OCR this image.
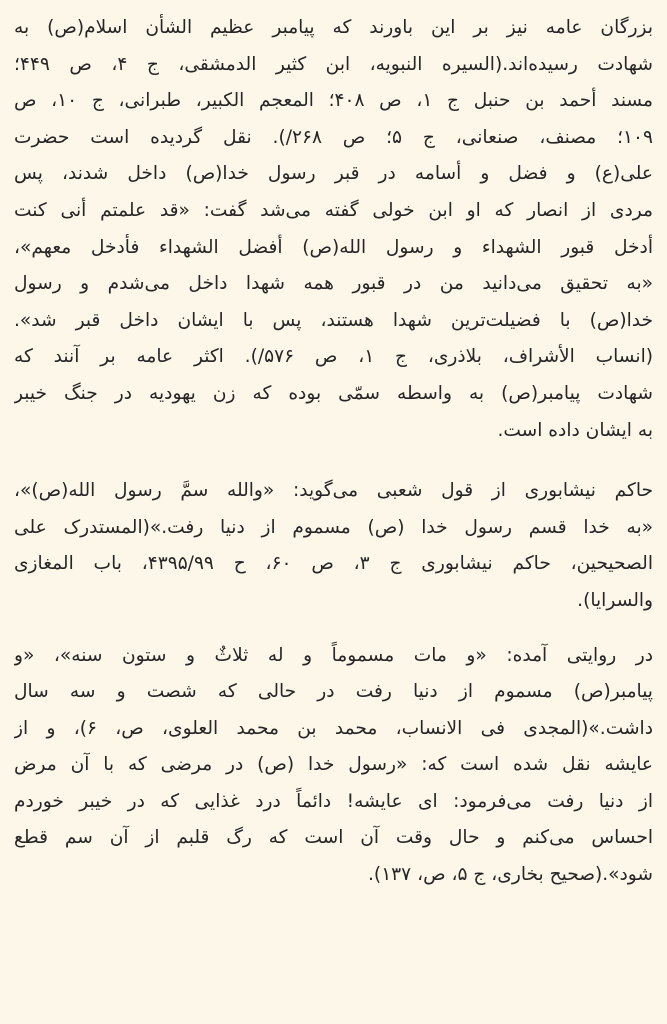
بزرگان عامه نیز بر این باورند که پیامبر عظیم الشأن اسلام(ص) به
شهادت رسیده‌اند.(السیره النبویه، ابن کثیر الدمشقی، ج ۴، ص ۴۴۹؛
مسند أحمد بن حنبل ج ۱، ص ۴۰۸؛ المعجم الکبیر، طبرانی، ج ۱۰، ص
۱۰۹؛ مصنف، صنعانی، ج ۵؛ ص ۲۶۸/). نقل گردیده است حضرت
علی(ع) و فضل و أسامه در قبر رسول خدا(ص) داخل شدند، پس
مردی از انصار که او ابن خولی گفته می‌شد گفت: «قد علمتم أنی کنت
أدخل قبور الشهداء و رسول الله(ص) أفضل الشهداء فأدخل معهم»،
«به تحقیق می‌دانید من در قبور همه شهدا داخل می‌شدم و رسول
خدا(ص) با فضیلت‌ترین شهدا هستند، پس با ایشان داخل قبر شد».
(انساب الأشراف، بلاذری، ج ۱، ص ۵۷۶/). اکثر عامه بر آنند که
شهادت پیامبر(ص) به واسطه سمّی بوده که زن یهودیه در جنگ خیبر
به ایشان داده است.
حاکم نیشابوری از قول شعبی می‌گوید: «والله سمَّ رسول الله(ص)»،
«به خدا قسم رسول خدا (ص) مسموم از دنیا رفت.»(المستدرک علی
الصحیحین، حاکم نیشابوری ج ۳، ص ۶۰، ح ۴۳۹۵/۹۹، باب المغازی
والسرایا).
در روایتی آمده: «و مات مسموماً و له ثلاثٌ و ستون سنه»، «و
پیامبر(ص) مسموم از دنیا رفت در حالی که شصت و سه سال
داشت.»(المجدی فی الانساب، محمد بن محمد العلوی، ص، ۶)، و از
عایشه نقل شده است که: «رسول خدا (ص) در مرضی که با آن مرض
از دنیا رفت می‌فرمود: ای عایشه! دائماً درد غذایی که در خیبر خوردم
احساس می‌کنم و حال وقت آن است که رگ قلبم از آن سم قطع
شود».(صحیح بخاری، ج ۵، ص، ۱۳۷).
